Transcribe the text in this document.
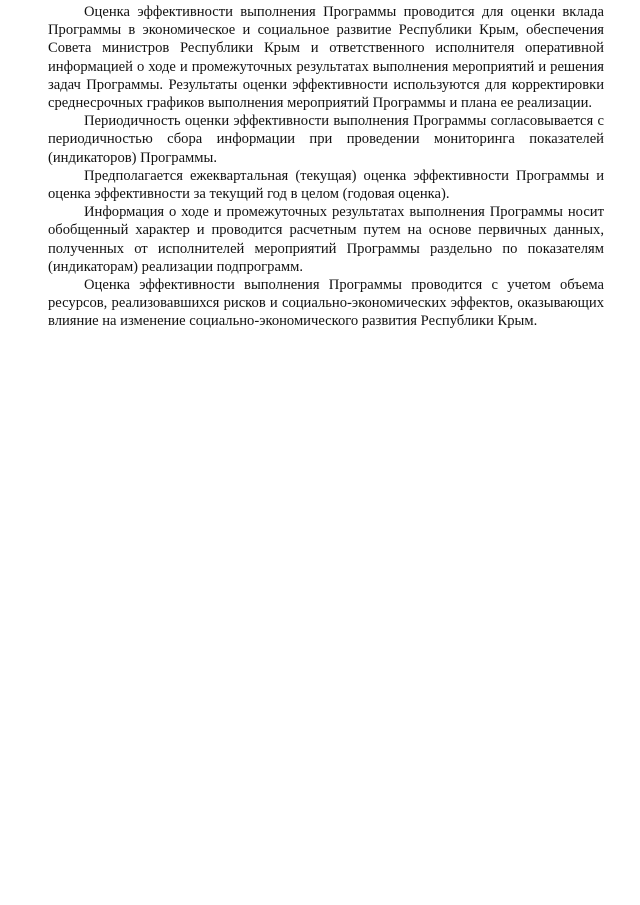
Оценка эффективности выполнения Программы проводится для оценки вклада Программы в экономическое и социальное развитие Республики Крым, обеспечения Совета министров Республики Крым и ответственного исполнителя оперативной информацией о ходе и промежуточных результатах выполнения мероприятий и решения задач Программы. Результаты оценки эффективности используются для корректировки среднесрочных графиков выполнения мероприятий Программы и плана ее реализации.

Периодичность оценки эффективности выполнения Программы согласовывается с периодичностью сбора информации при проведении мониторинга показателей (индикаторов) Программы.

Предполагается ежеквартальная (текущая) оценка эффективности Программы и оценка эффективности за текущий год в целом (годовая оценка).

Информация о ходе и промежуточных результатах выполнения Программы носит обобщенный характер и проводится расчетным путем на основе первичных данных, полученных от исполнителей мероприятий Программы раздельно по показателям (индикаторам) реализации подпрограмм.

Оценка эффективности выполнения Программы проводится с учетом объема ресурсов, реализовавшихся рисков и социально-экономических эффектов, оказывающих влияние на изменение социально-экономического развития Республики Крым.
